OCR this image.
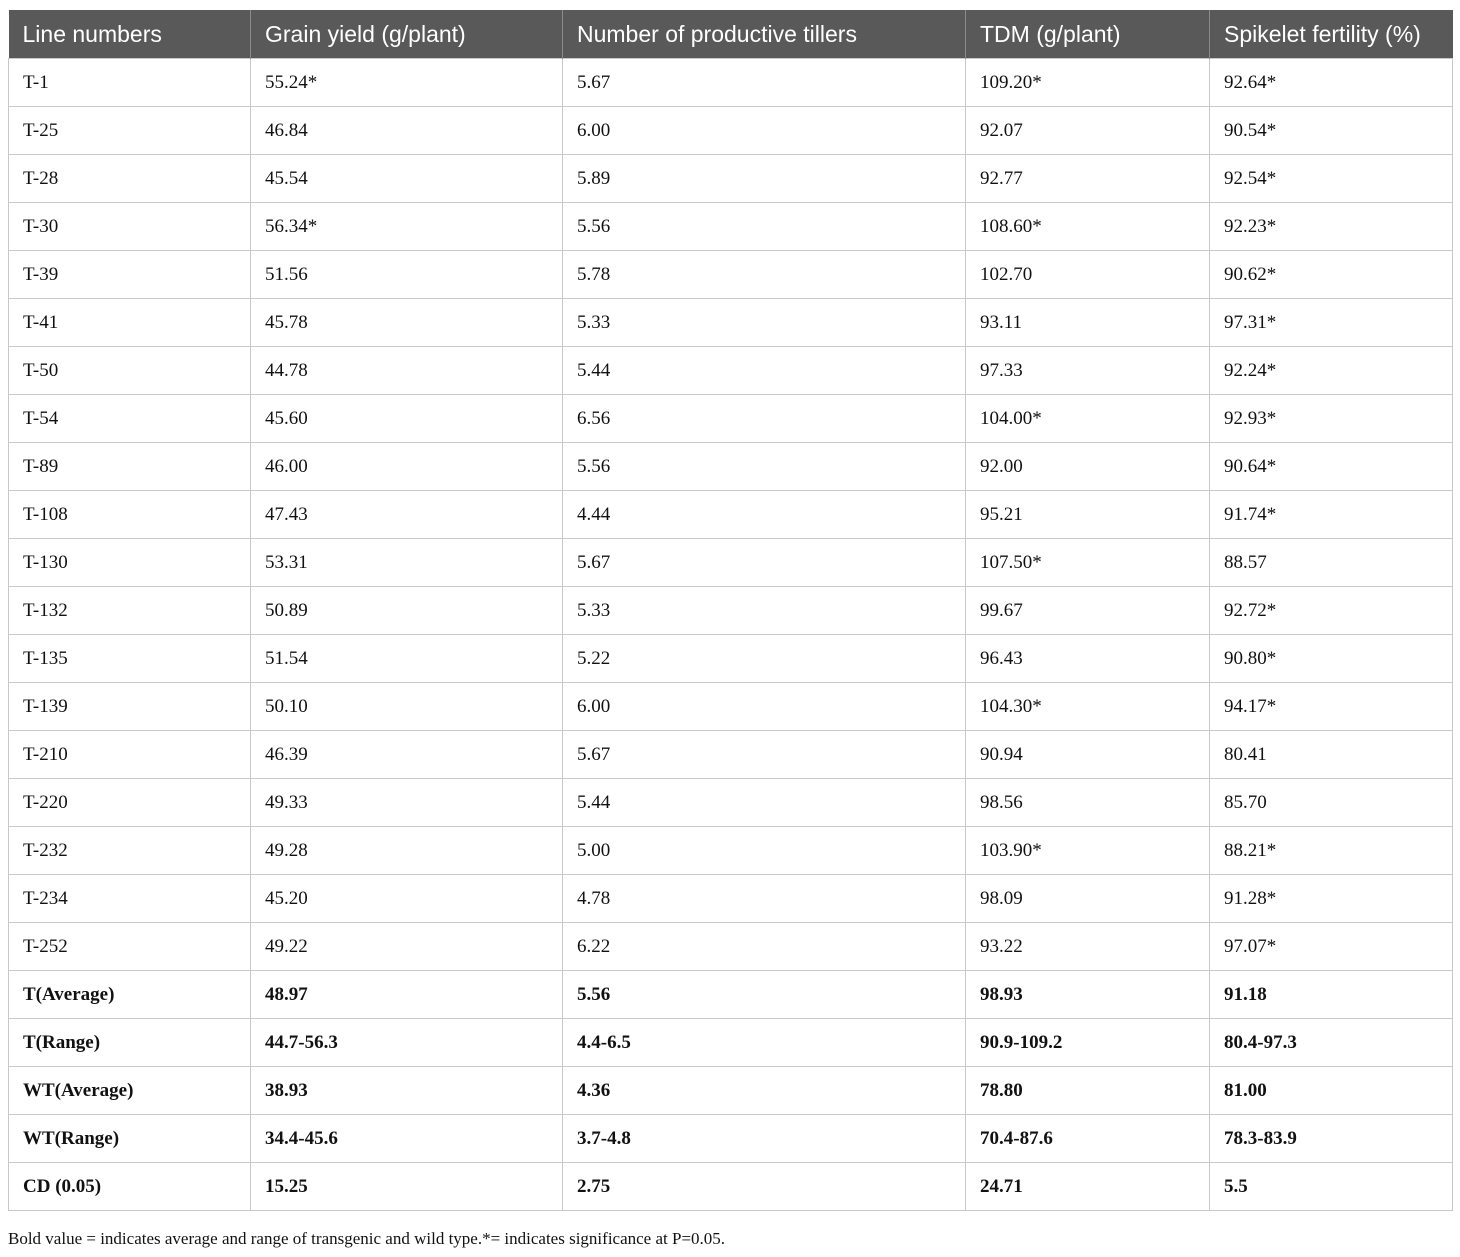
Line numbers	Grain yield (g/plant)	Number of productive tillers	TDM (g/plant)	Spikelet fertility (%)
T-1	55.24*	5.67	109.20*	92.64*
T-25	46.84	6.00	92.07	90.54*
T-28	45.54	5.89	92.77	92.54*
T-30	56.34*	5.56	108.60*	92.23*
T-39	51.56	5.78	102.70	90.62*
T-41	45.78	5.33	93.11	97.31*
T-50	44.78	5.44	97.33	92.24*
T-54	45.60	6.56	104.00*	92.93*
T-89	46.00	5.56	92.00	90.64*
T-108	47.43	4.44	95.21	91.74*
T-130	53.31	5.67	107.50*	88.57
T-132	50.89	5.33	99.67	92.72*
T-135	51.54	5.22	96.43	90.80*
T-139	50.10	6.00	104.30*	94.17*
T-210	46.39	5.67	90.94	80.41
T-220	49.33	5.44	98.56	85.70
T-232	49.28	5.00	103.90*	88.21*
T-234	45.20	4.78	98.09	91.28*
T-252	49.22	6.22	93.22	97.07*
T(Average)	48.97	5.56	98.93	91.18
T(Range)	44.7-56.3	4.4-6.5	90.9-109.2	80.4-97.3
WT(Average)	38.93	4.36	78.80	81.00
WT(Range)	34.4-45.6	3.7-4.8	70.4-87.6	78.3-83.9
CD (0.05)	15.25	2.75	24.71	5.5
Bold value = indicates average and range of transgenic and wild type.*= indicates significance at P=0.05.
